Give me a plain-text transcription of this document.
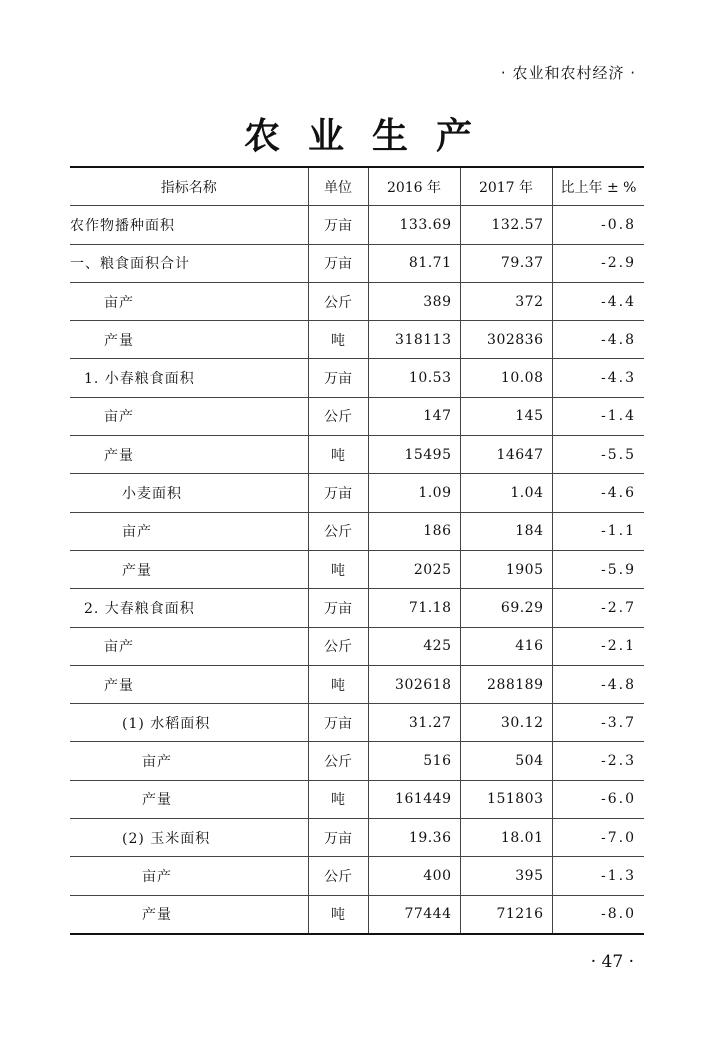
· 农业和农村经济 ·
农业生产
指标名称	单位	2016 年	2017 年	比上年 ± %
农作物播种面积	万亩	133.69	132.57	-0.8
一、粮食面积合计	万亩	81.71	79.37	-2.9
亩产	公斤	389	372	-4.4
产量	吨	318113	302836	-4.8
1. 小春粮食面积	万亩	10.53	10.08	-4.3
亩产	公斤	147	145	-1.4
产量	吨	15495	14647	-5.5
小麦面积	万亩	1.09	1.04	-4.6
亩产	公斤	186	184	-1.1
产量	吨	2025	1905	-5.9
2. 大春粮食面积	万亩	71.18	69.29	-2.7
亩产	公斤	425	416	-2.1
产量	吨	302618	288189	-4.8
(1) 水稻面积	万亩	31.27	30.12	-3.7
亩产	公斤	516	504	-2.3
产量	吨	161449	151803	-6.0
(2) 玉米面积	万亩	19.36	18.01	-7.0
亩产	公斤	400	395	-1.3
产量	吨	77444	71216	-8.0
· 47 ·
